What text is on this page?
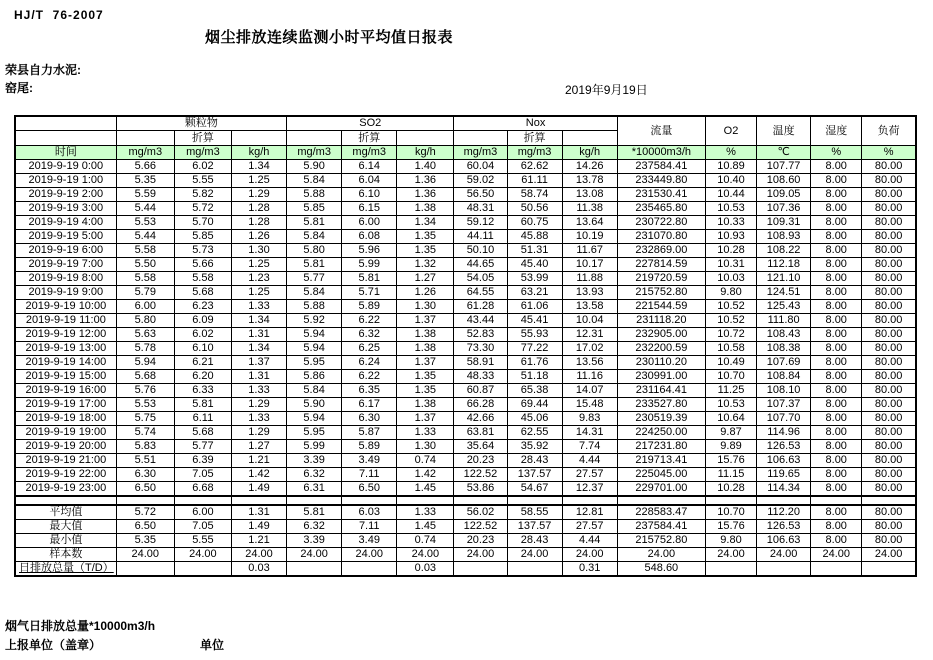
HJ/T  76-2007
烟尘排放连续监测小时平均值日报表
荣县自力水泥:
窑尾:	2019年9月19日
	颗粒物			SO2			Nox			流量	O2	温度	湿度	负荷
		折算			折算			折算						
时间	mg/m3	mg/m3	kg/h	mg/m3	mg/m3	kg/h	mg/m3	mg/m3	kg/h	*10000m3/h	%	℃	%	%
2019-9-19 0:00	5.66	6.02	1.34	5.90	6.14	1.40	60.04	62.62	14.26	237584.41	10.89	107.77	8.00	80.00
2019-9-19 1:00	5.35	5.55	1.25	5.84	6.04	1.36	59.02	61.11	13.78	233449.80	10.40	108.60	8.00	80.00
2019-9-19 2:00	5.59	5.82	1.29	5.88	6.10	1.36	56.50	58.74	13.08	231530.41	10.44	109.05	8.00	80.00
2019-9-19 3:00	5.44	5.72	1.28	5.85	6.15	1.38	48.31	50.56	11.38	235465.80	10.53	107.36	8.00	80.00
2019-9-19 4:00	5.53	5.70	1.28	5.81	6.00	1.34	59.12	60.75	13.64	230722.80	10.33	109.31	8.00	80.00
2019-9-19 5:00	5.44	5.85	1.26	5.84	6.08	1.35	44.11	45.88	10.19	231070.80	10.93	108.93	8.00	80.00
2019-9-19 6:00	5.58	5.73	1.30	5.80	5.96	1.35	50.10	51.31	11.67	232869.00	10.28	108.22	8.00	80.00
2019-9-19 7:00	5.50	5.66	1.25	5.81	5.99	1.32	44.65	45.40	10.17	227814.59	10.31	112.18	8.00	80.00
2019-9-19 8:00	5.58	5.58	1.23	5.77	5.81	1.27	54.05	53.99	11.88	219720.59	10.03	121.10	8.00	80.00
2019-9-19 9:00	5.79	5.68	1.25	5.84	5.71	1.26	64.55	63.21	13.93	215752.80	9.80	124.51	8.00	80.00
2019-9-19 10:00	6.00	6.23	1.33	5.88	5.89	1.30	61.28	61.06	13.58	221544.59	10.52	125.43	8.00	80.00
2019-9-19 11:00	5.80	6.09	1.34	5.92	6.22	1.37	43.44	45.41	10.04	231118.20	10.52	111.80	8.00	80.00
2019-9-19 12:00	5.63	6.02	1.31	5.94	6.32	1.38	52.83	55.93	12.31	232905.00	10.72	108.43	8.00	80.00
2019-9-19 13:00	5.78	6.10	1.34	5.94	6.25	1.38	73.30	77.22	17.02	232200.59	10.58	108.38	8.00	80.00
2019-9-19 14:00	5.94	6.21	1.37	5.95	6.24	1.37	58.91	61.76	13.56	230110.20	10.49	107.69	8.00	80.00
2019-9-19 15:00	5.68	6.20	1.31	5.86	6.22	1.35	48.33	51.18	11.16	230991.00	10.70	108.84	8.00	80.00
2019-9-19 16:00	5.76	6.33	1.33	5.84	6.35	1.35	60.87	65.38	14.07	231164.41	11.25	108.10	8.00	80.00
2019-9-19 17:00	5.53	5.81	1.29	5.90	6.17	1.38	66.28	69.44	15.48	233527.80	10.53	107.37	8.00	80.00
2019-9-19 18:00	5.75	6.11	1.33	5.94	6.30	1.37	42.66	45.06	9.83	230519.39	10.64	107.70	8.00	80.00
2019-9-19 19:00	5.74	5.68	1.29	5.95	5.87	1.33	63.81	62.55	14.31	224250.00	9.87	114.96	8.00	80.00
2019-9-19 20:00	5.83	5.77	1.27	5.99	5.89	1.30	35.64	35.92	7.74	217231.80	9.89	126.53	8.00	80.00
2019-9-19 21:00	5.51	6.39	1.21	3.39	3.49	0.74	20.23	28.43	4.44	219713.41	15.76	106.63	8.00	80.00
2019-9-19 22:00	6.30	7.05	1.42	6.32	7.11	1.42	122.52	137.57	27.57	225045.00	11.15	119.65	8.00	80.00
2019-9-19 23:00	6.50	6.68	1.49	6.31	6.50	1.45	53.86	54.67	12.37	229701.00	10.28	114.34	8.00	80.00

平均值	5.72	6.00	1.31	5.81	6.03	1.33	56.02	58.55	12.81	228583.47	10.70	112.20	8.00	80.00
最大值	6.50	7.05	1.49	6.32	7.11	1.45	122.52	137.57	27.57	237584.41	15.76	126.53	8.00	80.00
最小值	5.35	5.55	1.21	3.39	3.49	0.74	20.23	28.43	4.44	215752.80	9.80	106.63	8.00	80.00
样本数	24.00	24.00	24.00	24.00	24.00	24.00	24.00	24.00	24.00	24.00	24.00	24.00	24.00	24.00
日排放总量（T/D）			0.03			0.03			0.31	548.60				
烟气日排放总量*10000m3/h
上报单位（盖章）	单位
